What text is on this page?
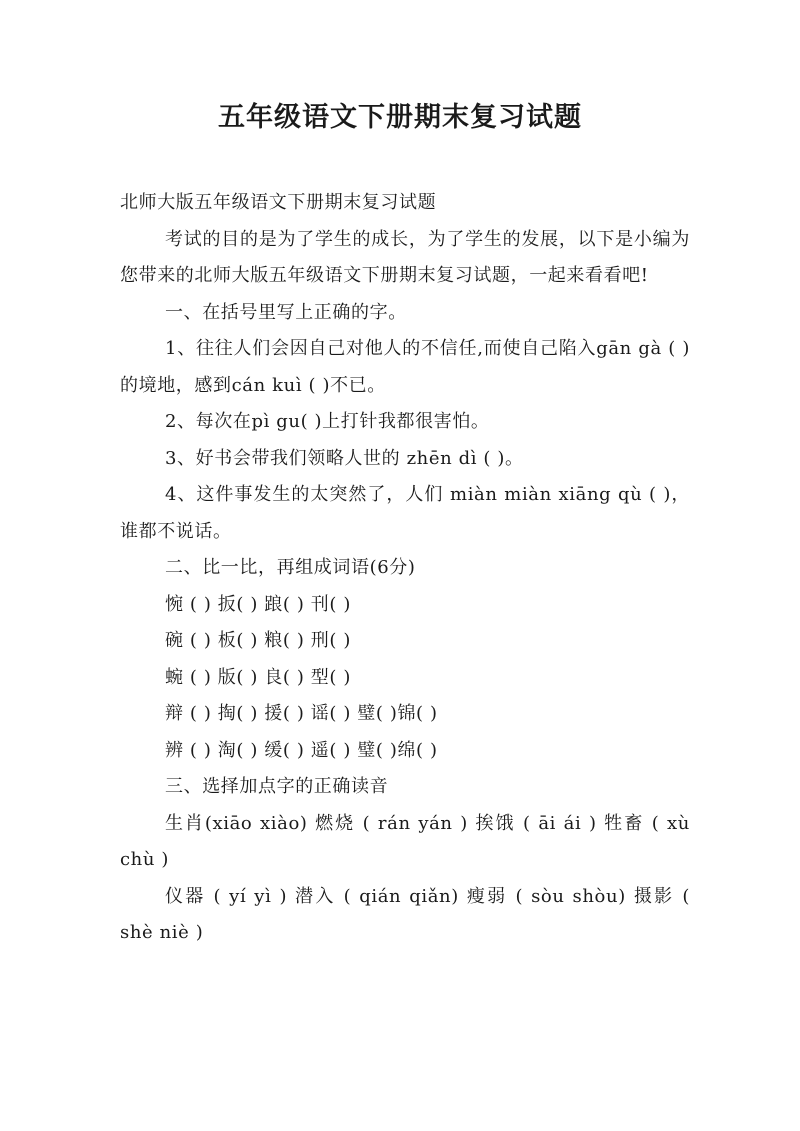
五年级语文下册期末复习试题

北师大版五年级语文下册期末复习试题

考试的目的是为了学生的成长，为了学生的发展，以下是小编为您带来的北师大版五年级语文下册期末复习试题，一起来看看吧!

一、在括号里写上正确的字。

1、往往人们会因自己对他人的不信任,而使自己陷入gān gà ( )的境地，感到cán kuì ( )不已。

2、每次在pì gu( )上打针我都很害怕。

3、好书会带我们领略人世的 zhēn dì ( )。

4、这件事发生的太突然了，人们 miàn miàn xiāng qù ( )，谁都不说话。

二、比一比，再组成词语(6分)

惋 ( ) 扳( ) 踉( ) 刊( )

碗 ( ) 板( ) 粮( ) 刑( )

蜿 ( ) 版( ) 良( ) 型( )

辩 ( ) 掏( ) 援( ) 谣( ) 璧( )锦( )

辨 ( ) 淘( ) 缓( ) 遥( ) 璧( )绵( )

三、选择加点字的正确读音

生肖(xiāo xiào) 燃烧 ( rán yán ) 挨饿 ( āi ái ) 牲畜 ( xù chù )

仪器 ( yí yì ) 潜入 ( qián qiǎn) 瘦弱 ( sòu shòu) 摄影 ( shè niè )
